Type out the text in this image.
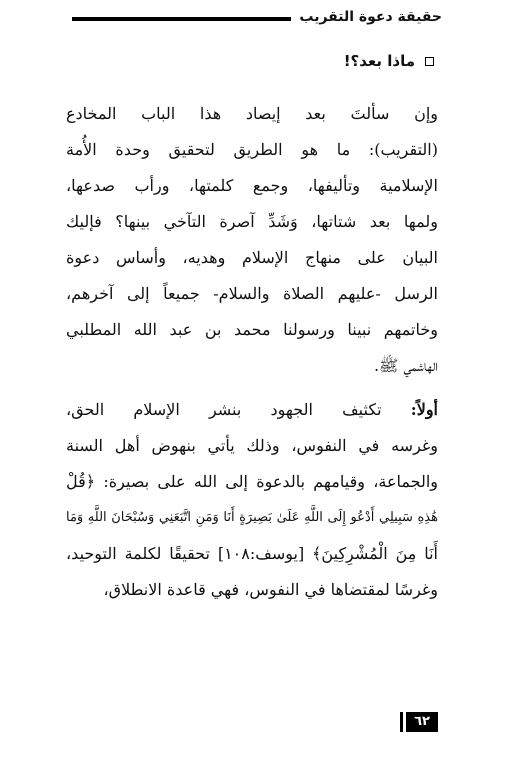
حقيقة دعوة التقريب
ماذا بعد؟!
وإن سألتَ بعد إيصاد هذا الباب المخادع
(التقريب): ما هو الطريق لتحقيق وحدة الأُمة
الإسلامية وتأليفها، وجمع كلمتها، ورأب صدعها،
ولمها بعد شتاتها، وَشَدِّ آصرة التآخي بينها؟ فإليك
البيان على منهاج الإسلام وهديه، وأساس دعوة
الرسل -عليهم الصلاة والسلام- جميعاً إلى آخرهم،
وخاتمهم نبينا ورسولنا محمد بن عبد الله المطلبي
الهاشمي ﷺ.
أولاً: تكثيف الجهود بنشر الإسلام الحق،
وغرسه في النفوس، وذلك يأتي بنهوض أهل السنة
والجماعة، وقيامهم بالدعوة إلى الله على بصيرة: ﴿قُلْ
هَٰذِهِ سَبِيلِي أَدْعُو إِلَى اللَّهِ عَلَىٰ بَصِيرَةٍ أَنَا وَمَنِ اتَّبَعَنِي وَسُبْحَانَ اللَّهِ وَمَا
أَنَا مِنَ الْمُشْرِكِينَ﴾ [يوسف:١٠٨] تحقيقًا لكلمة التوحيد،
وغرسًا لمقتضاها في النفوس، فهي قاعدة الانطلاق،
٦٢
